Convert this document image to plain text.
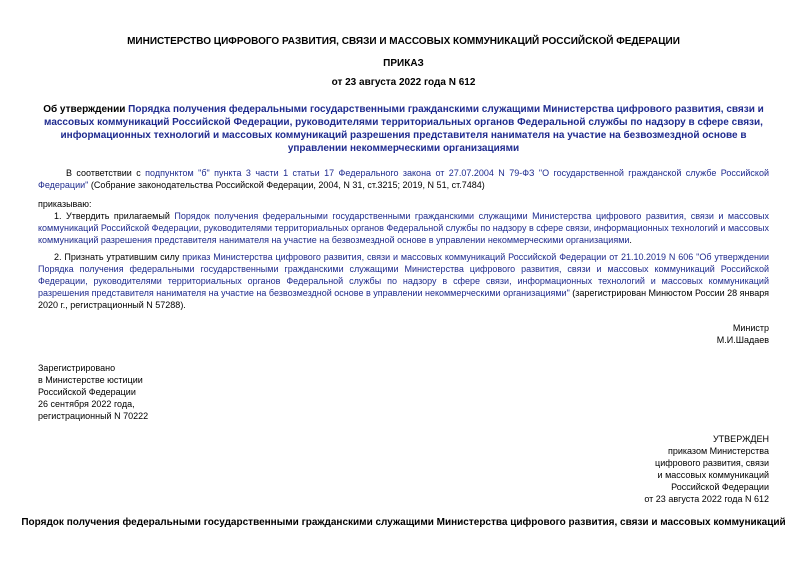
МИНИСТЕРСТВО ЦИФРОВОГО РАЗВИТИЯ, СВЯЗИ И МАССОВЫХ КОММУНИКАЦИЙ РОССИЙСКОЙ ФЕДЕРАЦИИ
ПРИКАЗ
от 23 августа 2022 года N 612
Об утверждении Порядка получения федеральными государственными гражданскими служащими Министерства цифрового развития, связи и массовых коммуникаций Российской Федерации, руководителями территориальных органов Федеральной службы по надзору в сфере связи, информационных технологий и массовых коммуникаций разрешения представителя нанимателя на участие на безвозмездной основе в управлении некоммерческими организациями
В соответствии с подпунктом "б" пункта 3 части 1 статьи 17 Федерального закона от 27.07.2004 N 79-ФЗ "О государственной гражданской службе Российской Федерации" (Собрание законодательства Российской Федерации, 2004, N 31, ст.3215; 2019, N 51, ст.7484)
приказываю:
1. Утвердить прилагаемый Порядок получения федеральными государственными гражданскими служащими Министерства цифрового развития, связи и массовых коммуникаций Российской Федерации, руководителями территориальных органов Федеральной службы по надзору в сфере связи, информационных технологий и массовых коммуникаций разрешения представителя нанимателя на участие на безвозмездной основе в управлении некоммерческими организациями.
2. Признать утратившим силу приказ Министерства цифрового развития, связи и массовых коммуникаций Российской Федерации от 21.10.2019 N 606 "Об утверждении Порядка получения федеральными государственными гражданскими служащими Министерства цифрового развития, связи и массовых коммуникаций Российской Федерации, руководителями территориальных органов Федеральной службы по надзору в сфере связи, информационных технологий и массовых коммуникаций разрешения представителя нанимателя на участие на безвозмездной основе в управлении некоммерческими организациями" (зарегистрирован Минюстом России 28 января 2020 г., регистрационный N 57288).
Министр
М.И.Шадаев
Зарегистрировано
в Министерстве юстиции
Российской Федерации
26 сентября 2022 года,
регистрационный N 70222
УТВЕРЖДЕН
приказом Министерства
цифрового развития, связи
и массовых коммуникаций
Российской Федерации
от 23 августа 2022 года N 612
Порядок получения федеральными государственными гражданскими служащими Министерства цифрового развития, связи и массовых коммуникаций
